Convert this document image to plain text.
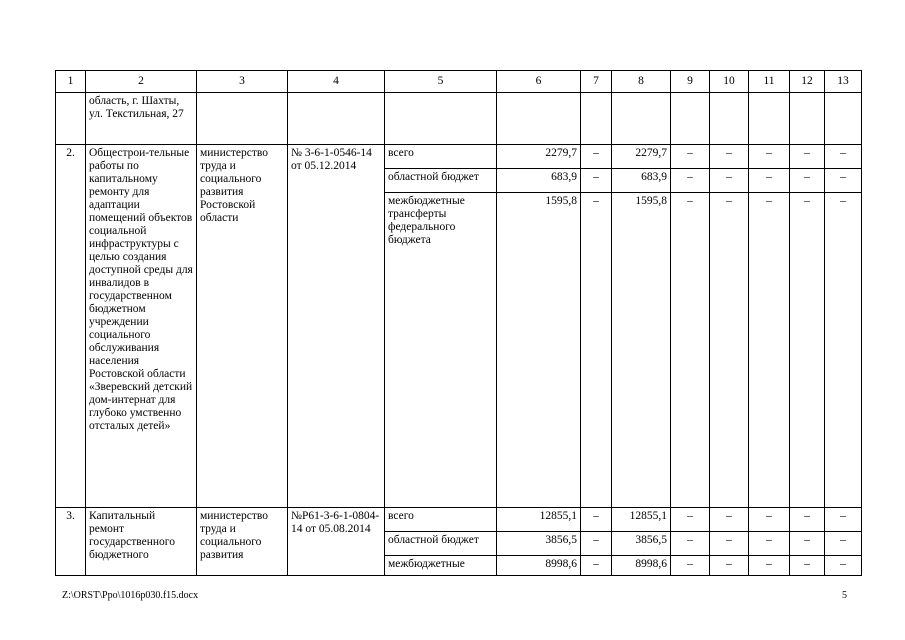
1	2	3	4	5	6	7	8	9	10	11	12	13
	область, г. Шахты, ул. Текстильная, 27											
2.	Общестрои-тельные работы по капитальному ремонту для адаптации помещений объектов социальной инфраструктуры с целью создания доступной среды для инвалидов в государственном бюджетном учреждении социального обслуживания населения Ростовской области «Зверевский детский дом-интернат для глубоко умственно отсталых детей»	министерство труда и социального развития Ростовской области	№ 3-6-1-0546-14 от 05.12.2014	всего	2279,7	–	2279,7	–	–	–	–	–
				областной бюджет	683,9	–	683,9	–	–	–	–	–
				межбюджетные трансферты федерального бюджета	1595,8	–	1595,8	–	–	–	–	–
3.	Капитальный ремонт государственного бюджетного	министерство труда и социального развития	№Р61-3-6-1-0804-14 от 05.08.2014	всего	12855,1	–	12855,1	–	–	–	–	–
				областной бюджет	3856,5	–	3856,5	–	–	–	–	–
				межбюджетные	8998,6	–	8998,6	–	–	–	–	–
Z:\ORST\Ppo\1016p030.f15.docx	5
